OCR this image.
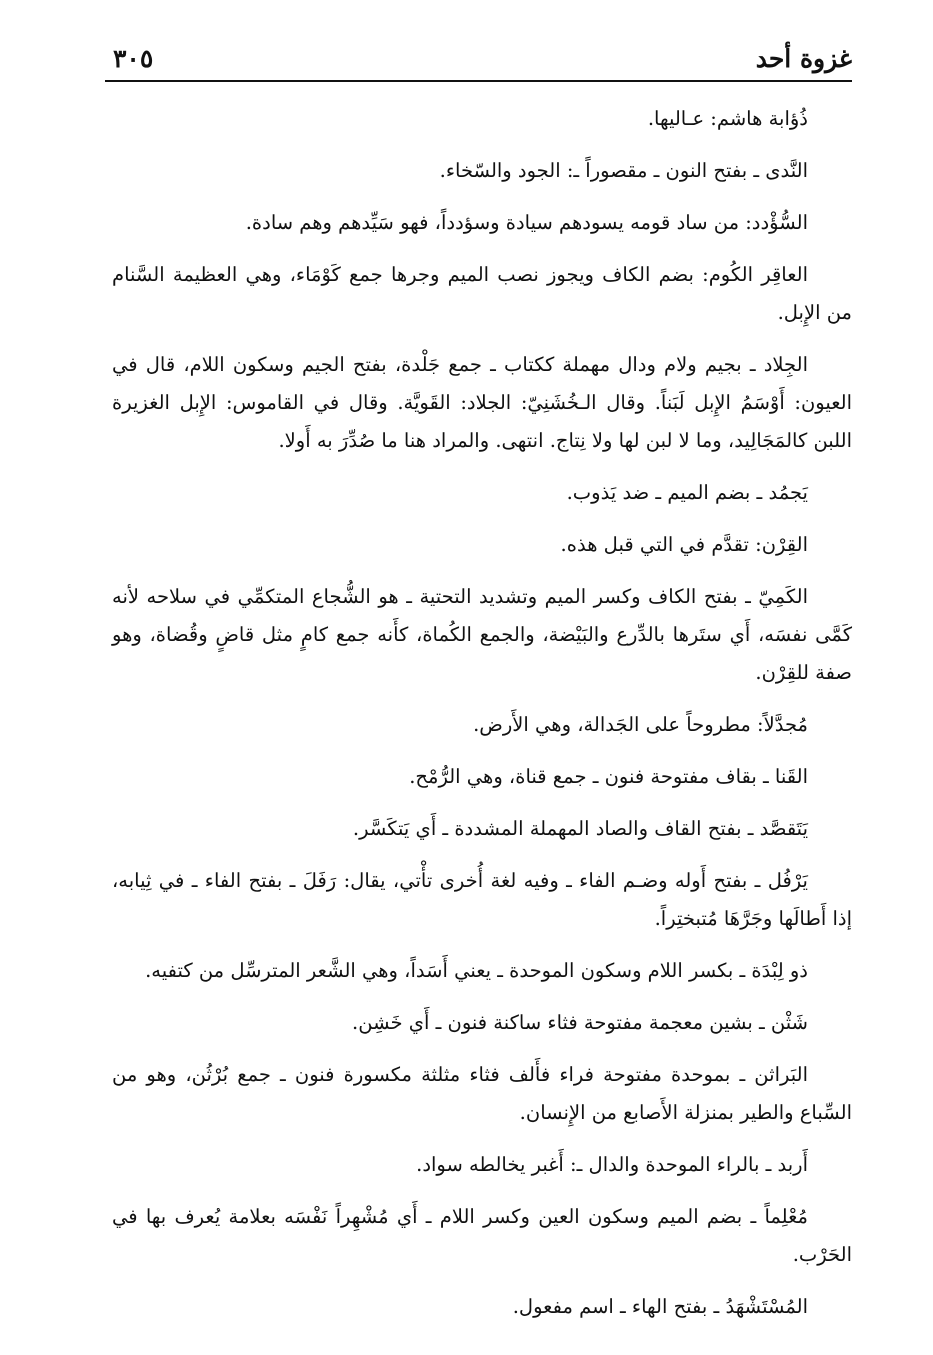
غزوة أحد
٣٠٥

ذُؤابة هاشم: عـاليها.

النَّدى ـ بفتح النون ـ مقصوراً ـ: الجود والسّخاء.

السُّؤْدد: من ساد قومه يسودهم سيادة وسؤدداً، فهو سَيِّدهم وهم سادة.

العاقِر الكُوم: بضم الكاف ويجوز نصب الميم وجرها جمع كَوْمَاء، وهي العظيمة السَّنام من الإِبل.

الجِلاد ـ بجيم ولام ودال مهملة ككتاب ـ جمع جَلْدة، بفتح الجيم وسكون اللام، قال في العيون: أَوْسَمُ الإِبل لَبَناً. وقال الـخُشَنِيّ: الجلاد: القَويَّة. وقال في القاموس: الإِبل الغزيرة اللبن كالمَجَالِيد، وما لا لبن لها ولا نِتاج. انتهى. والمراد هنا ما صُدِّرَ به أَولا.

يَجمُد ـ بضم الميم ـ ضد يَذوب.

القِرْن: تقدَّم في التي قبل هذه.

الكَمِيّ ـ بفتح الكاف وكسر الميم وتشديد التحتية ـ هو الشُّجاع المتكمِّي في سلاحه لأنه كَمَّى نفسَه، أَي ستَرها بالدِّرع والبَيْضة، والجمع الكُماة، كأَنه جمع كامٍ مثل قاضٍ وقُضاة، وهو صفة للقِرْن.

مُجدَّلاً: مطروحاً على الجَدالة، وهي الأَرض.

القَنا ـ بقاف مفتوحة فنون ـ جمع قناة، وهي الرُّمْح.

يَتَقصَّد ـ بفتح القاف والصاد المهملة المشددة ـ أَي يَتكَسَّر.

يَرْفُل ـ بفتح أَوله وضـم الفاء ـ وفيه لغة أُخرى تأْتي، يقال: رَفَلَ ـ بفتح الفاء ـ في ثِيابه، إذا أَطالَها وجَرَّهَا مُتبختِراً.

ذو لِبْدَة ـ بكسر اللام وسكون الموحدة ـ يعني أَسَداً، وهي الشَّعر المترسِّل من كتفيه.

شَثْن ـ بشين معجمة مفتوحة فثاء ساكنة فنون ـ أَي خَشِن.

البَراثن ـ بموحدة مفتوحة فراء فأَلف فثاء مثلثة مكسورة فنون ـ جمع بُرْثُن، وهو من السِّباع والطير بمنزلة الأَصابع من الإِنسان.

أَربد ـ بالراء الموحدة والدال ـ: أَغبر يخالطه سواد.

مُعْلِماً ـ بضم الميم وسكون العين وكسر اللام ـ أَي مُشْهِراً نَفْسَه بعلامة يُعرف بها في الحَرْب.

المُسْتَشْهَدُ ـ بفتح الهاء ـ اسم مفعول.
